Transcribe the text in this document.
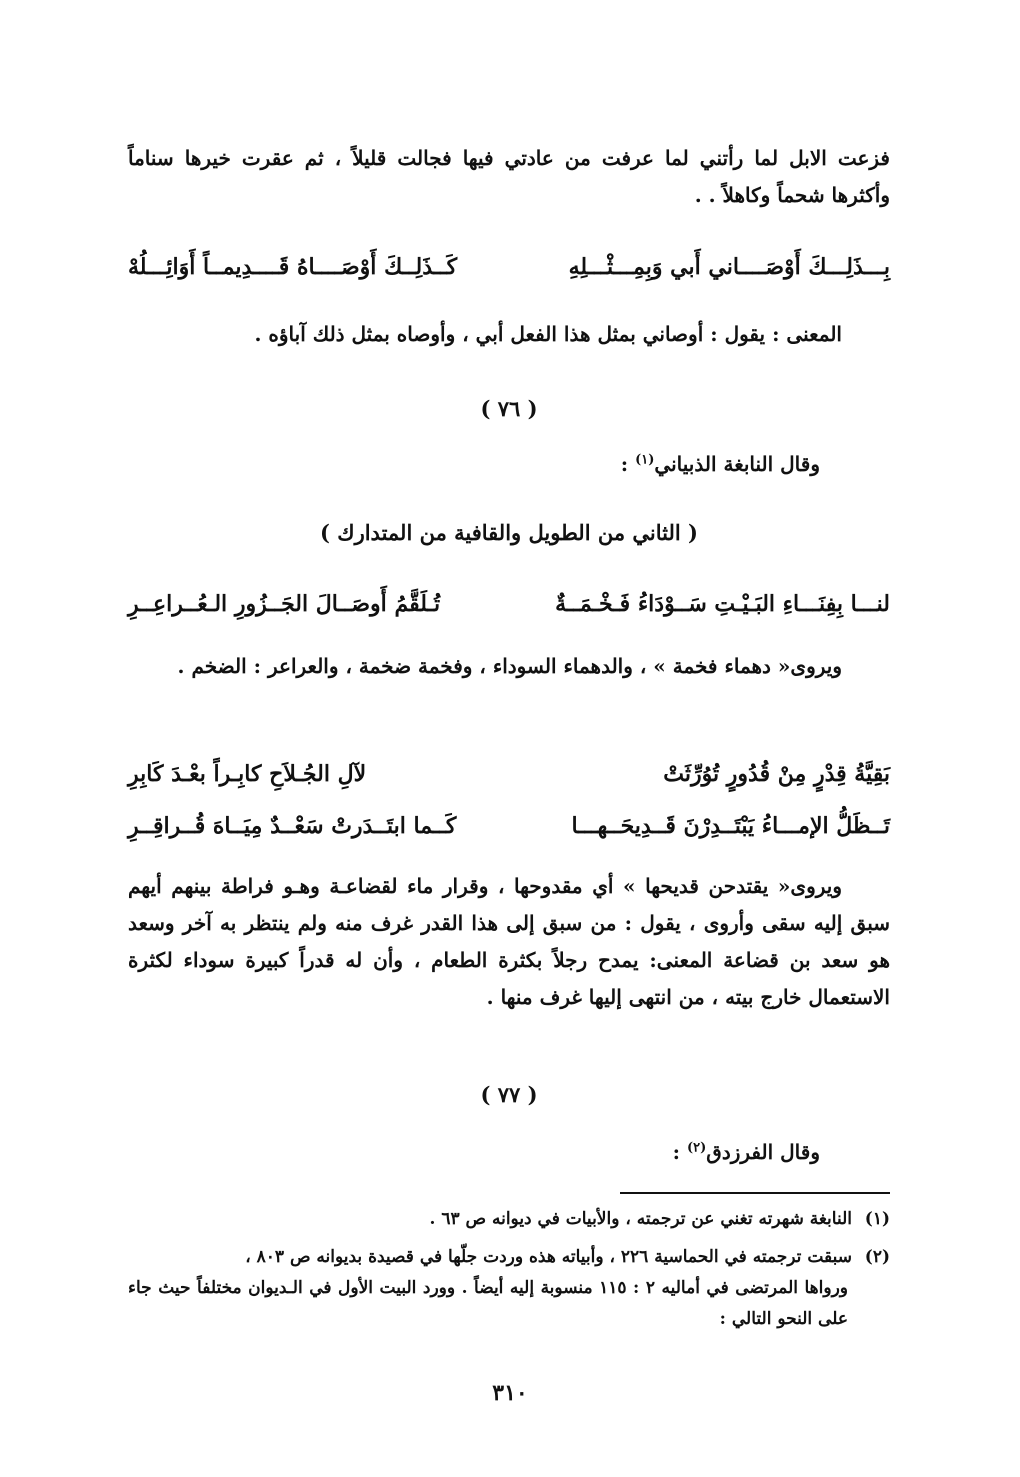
فزعت الابل لما رأتني لما عرفت من عادتي فيها فجالت قليلاً ، ثم عقرت خيرها سناماً وأكثرها شحماً وكاهلاً . .

بِـــذَلِـــكَ أَوْصَــــاني أَبي وَبِمِـــثْـــلِهِ
كَــذَلِــكَ أَوْصَــــاهُ قَــــدِيمــاً أَوَائِـــلُهْ

المعنى : يقول : أوصاني بمثل هذا الفعل أبي ، وأوصاه بمثل ذلك آباؤه .

( ٧٦ )
وقال النابغة الذبياني$^{(١)}$ :
( الثاني من الطويل والقافية من المتدارك )
لنـــا بِفِنَـــاءِ البَـيْـتِ سَــوْدَاءُ فَـخْـمَــةٌ
تُـلَقَّمُ أَوصَــالَ الجَــزُورِ الـعُــراعِــرِ

ويروى« دهماء فخمة » ، والدهماء السوداء ، وفخمة ضخمة ، والعراعر : الضخم .

بَقِيَّةُ قِدْرٍ مِنْ قُدُورٍ تُوُرِّثَتْ
لآلِ الجُـلاَحِ كابِـراً بعْـدَ كَابِرِ
تَــظَلُّ الإمـــاءُ يَبْتَــدِرْنَ قَــدِيحَــهـــا
كَــما ابتَــدَرتْ سَعْــدٌ مِيَــاهَ قُــراقِــرِ

ويروى« يقتدحن قديحها » أي مقدوحها ، وقرار ماء لقضاعـة وهـو فراطة بينهم أيهم سبق إليه سقى وأروى ، يقول : من سبق إلى هذا القدر غرف منه ولم ينتظر به آخر وسعد هو سعد بن قضاعة المعنى: يمدح رجلاً بكثرة الطعام ، وأن له قدراً كبيرة سوداء لكثرة الاستعمال خارج بيته ، من انتهى إليها غرف منها .

( ٧٧ )
وقال الفرزدق$^{(٢)}$ :
(١)النابغة شهرته تغني عن ترجمته ، والأبيات في ديوانه ص ٦٣ .
(٢)سبقت ترجمته في الحماسية ٢٢٦ ، وأبياته هذه وردت جلّها في قصيدة بديوانه ص ٨٠٣ ،
ورواها المرتضى في أماليه ٢ : ١١٥ منسوبة إليه أيضاً . وورد البيت الأول في الـديوان مختلفاً حيث جاء على النحو التالي :
٣١٠
